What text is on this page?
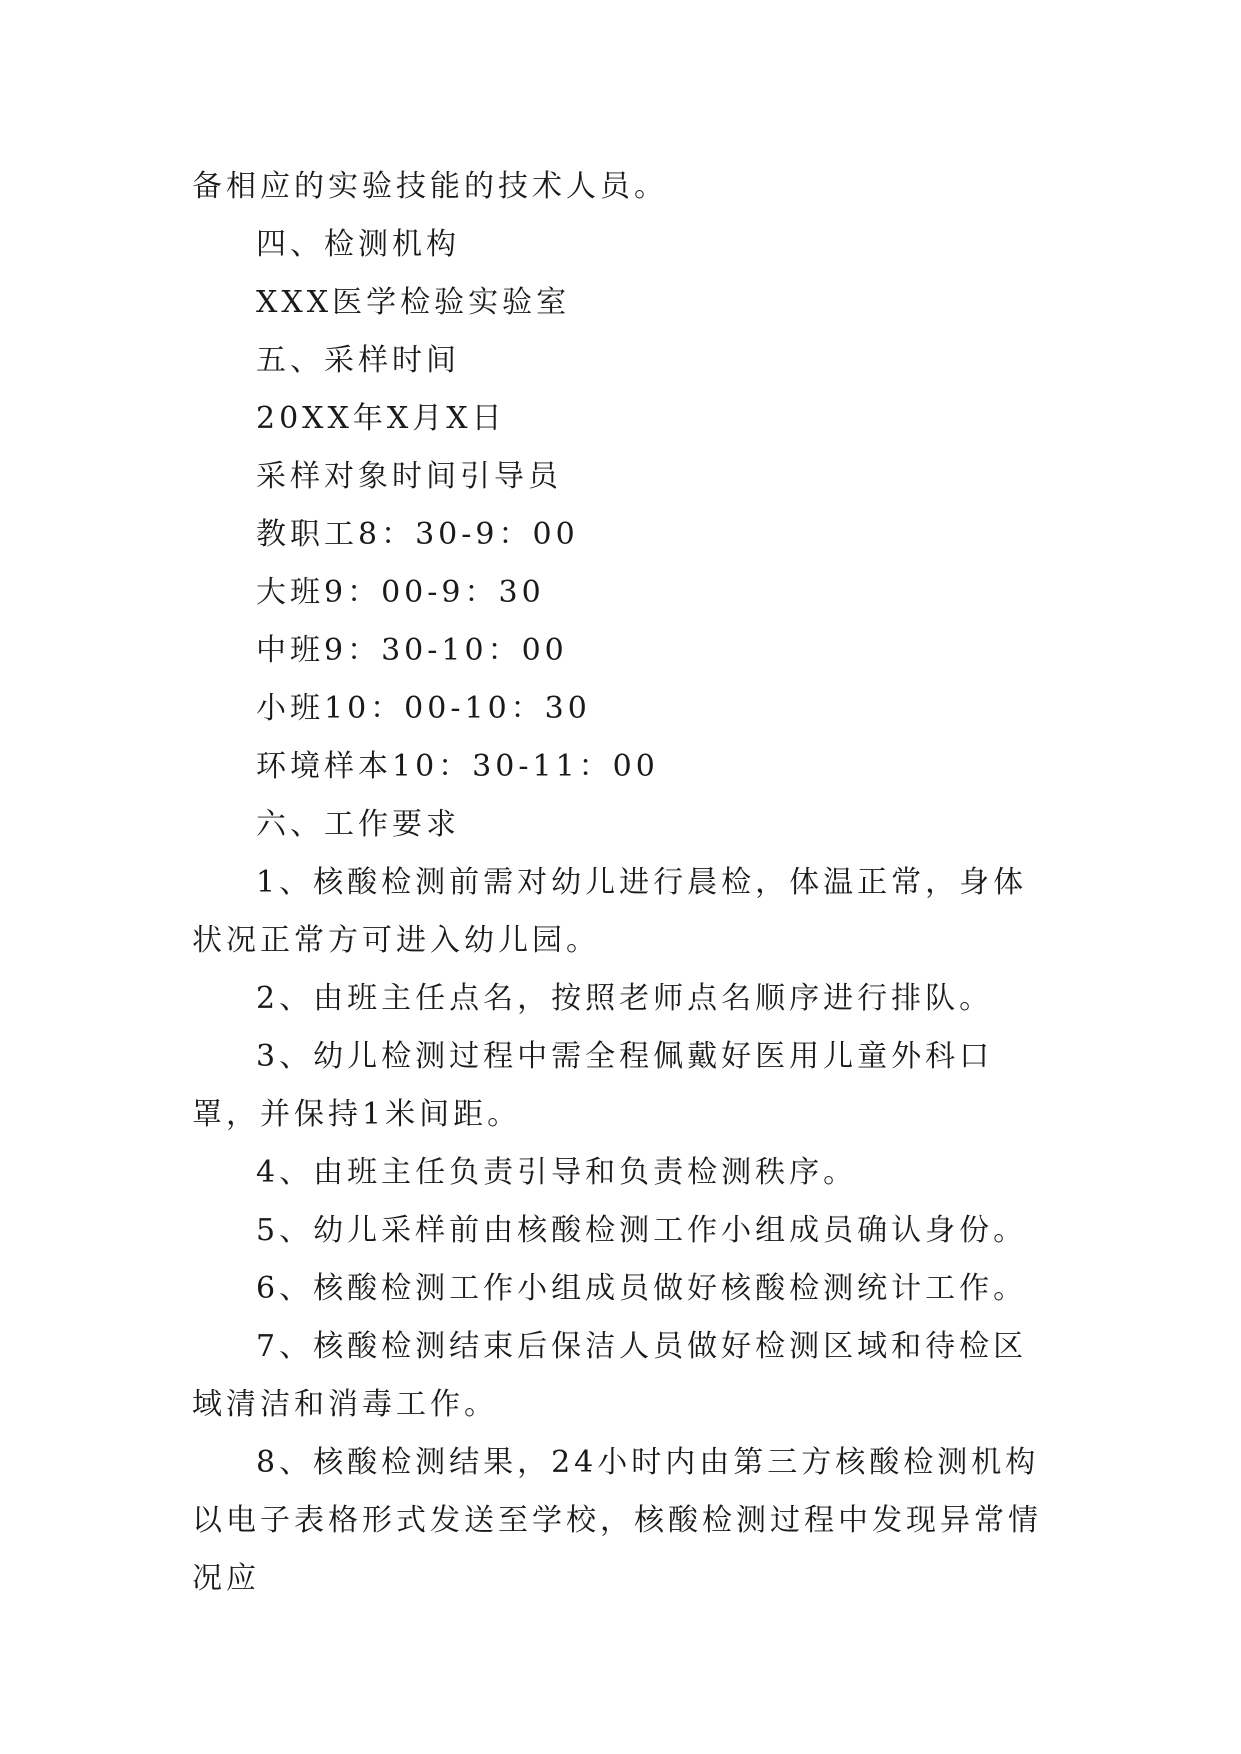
备相应的实验技能的技术人员。

四、检测机构

XXX医学检验实验室

五、采样时间

20XX年X月X日

采样对象时间引导员

教职工8：30-9：00

大班9：00-9：30

中班9：30-10：00

小班10：00-10：30

环境样本10：30-11：00

六、工作要求

1、核酸检测前需对幼儿进行晨检，体温正常，身体状况正常方可进入幼儿园。

2、由班主任点名，按照老师点名顺序进行排队。

3、幼儿检测过程中需全程佩戴好医用儿童外科口罩，并保持1米间距。

4、由班主任负责引导和负责检测秩序。

5、幼儿采样前由核酸检测工作小组成员确认身份。

6、核酸检测工作小组成员做好核酸检测统计工作。

7、核酸检测结束后保洁人员做好检测区域和待检区域清洁和消毒工作。

8、核酸检测结果，24小时内由第三方核酸检测机构以电子表格形式发送至学校，核酸检测过程中发现异常情况应
